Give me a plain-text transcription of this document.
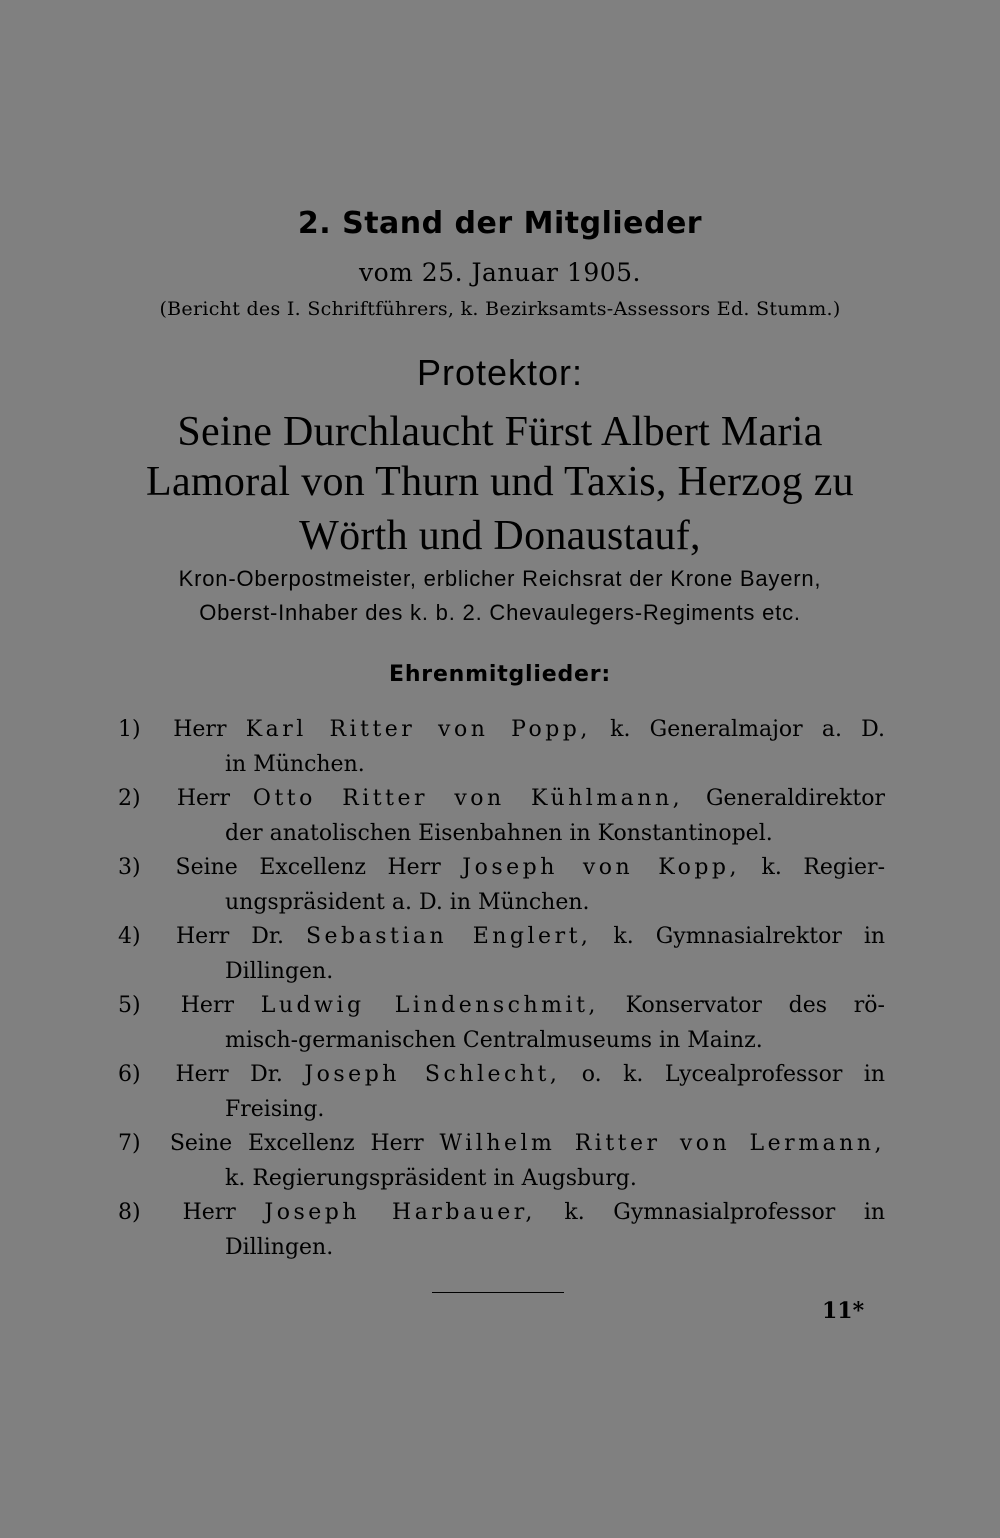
2. Stand der Mitglieder
vom 25. Januar 1905.
(Bericht des I. Schriftführers, k. Bezirksamts-Assessors Ed. Stumm.)
Protektor:
Seine Durchlaucht Fürst Albert Maria
Lamoral von Thurn und Taxis, Herzog zu
Wörth und Donaustauf,
Kron-Oberpostmeister, erblicher Reichsrat der Krone Bayern,
Oberst-Inhaber des k. b. 2. Chevaulegers-Regiments etc.
Ehrenmitglieder:
1) Herr Karl Ritter von Popp, k. Generalmajor a. D.
in München.
2) Herr Otto Ritter von Kühlmann, Generaldirektor
der anatolischen Eisenbahnen in Konstantinopel.
3) Seine Excellenz Herr Joseph von Kopp, k. Regier-
ungspräsident a. D. in München.
4) Herr Dr. Sebastian Englert, k. Gymnasialrektor in
Dillingen.
5) Herr Ludwig Lindenschmit, Konservator des rö-
misch-germanischen Centralmuseums in Mainz.
6) Herr Dr. Joseph Schlecht, o. k. Lycealprofessor in
Freising.
7) Seine Excellenz Herr Wilhelm Ritter von Lermann,
k. Regierungspräsident in Augsburg.
8) Herr Joseph Harbauer, k. Gymnasialprofessor in
Dillingen.
11*
